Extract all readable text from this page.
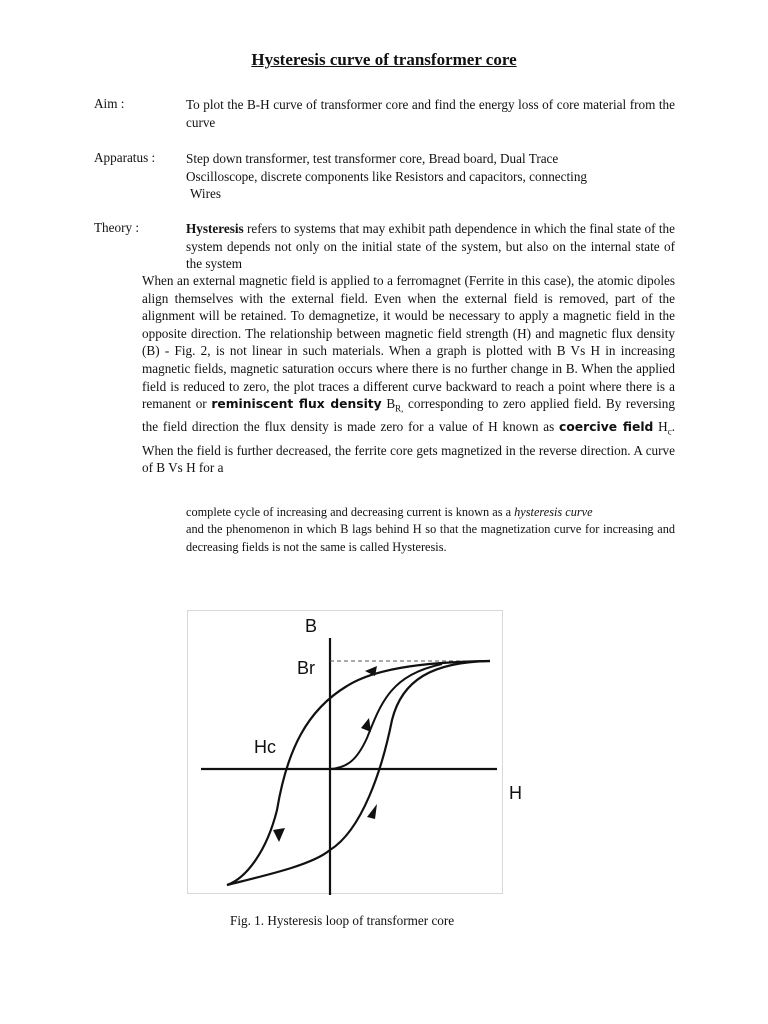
Hysteresis curve of transformer core
Aim :	To plot the B-H curve of transformer core and find the energy loss of core material from the curve
Apparatus : Step down transformer, test transformer core, Bread board, Dual Trace
Oscilloscope, discrete components like Resistors and capacitors, connecting
Wires
Theory :	Hysteresis refers to systems that may exhibit path dependence in which the final state of the system depends not only on the initial state of the system, but also on the internal state of the system
When an external magnetic field is applied to a ferromagnet (Ferrite in this case), the atomic dipoles align themselves with the external field. Even when the external field is removed, part of the alignment will be retained. To demagnetize, it would be necessary to apply a magnetic field in the opposite direction. The relationship between magnetic field strength (H) and magnetic flux density (B) - Fig. 2, is not linear in such materials. When a graph is plotted with B Vs H in increasing magnetic fields, magnetic saturation occurs where there is no further change in B. When the applied field is reduced to zero, the plot traces a different curve backward to reach a point where there is a remanent or reminiscent flux density $B_{R,}$ corresponding to zero applied field. By reversing the field direction the flux density is made zero for a value of H known as coercive field $H_c$. When the field is further decreased, the ferrite core gets magnetized in the reverse direction. A curve of B Vs H for a
complete cycle of increasing and decreasing current is known as a hysteresis curve
and the phenomenon in which B lags behind H so that the magnetization curve for increasing and decreasing fields is not the same is called Hysteresis.
B
Br
Hc
H
Fig. 1. Hysteresis loop of transformer core
